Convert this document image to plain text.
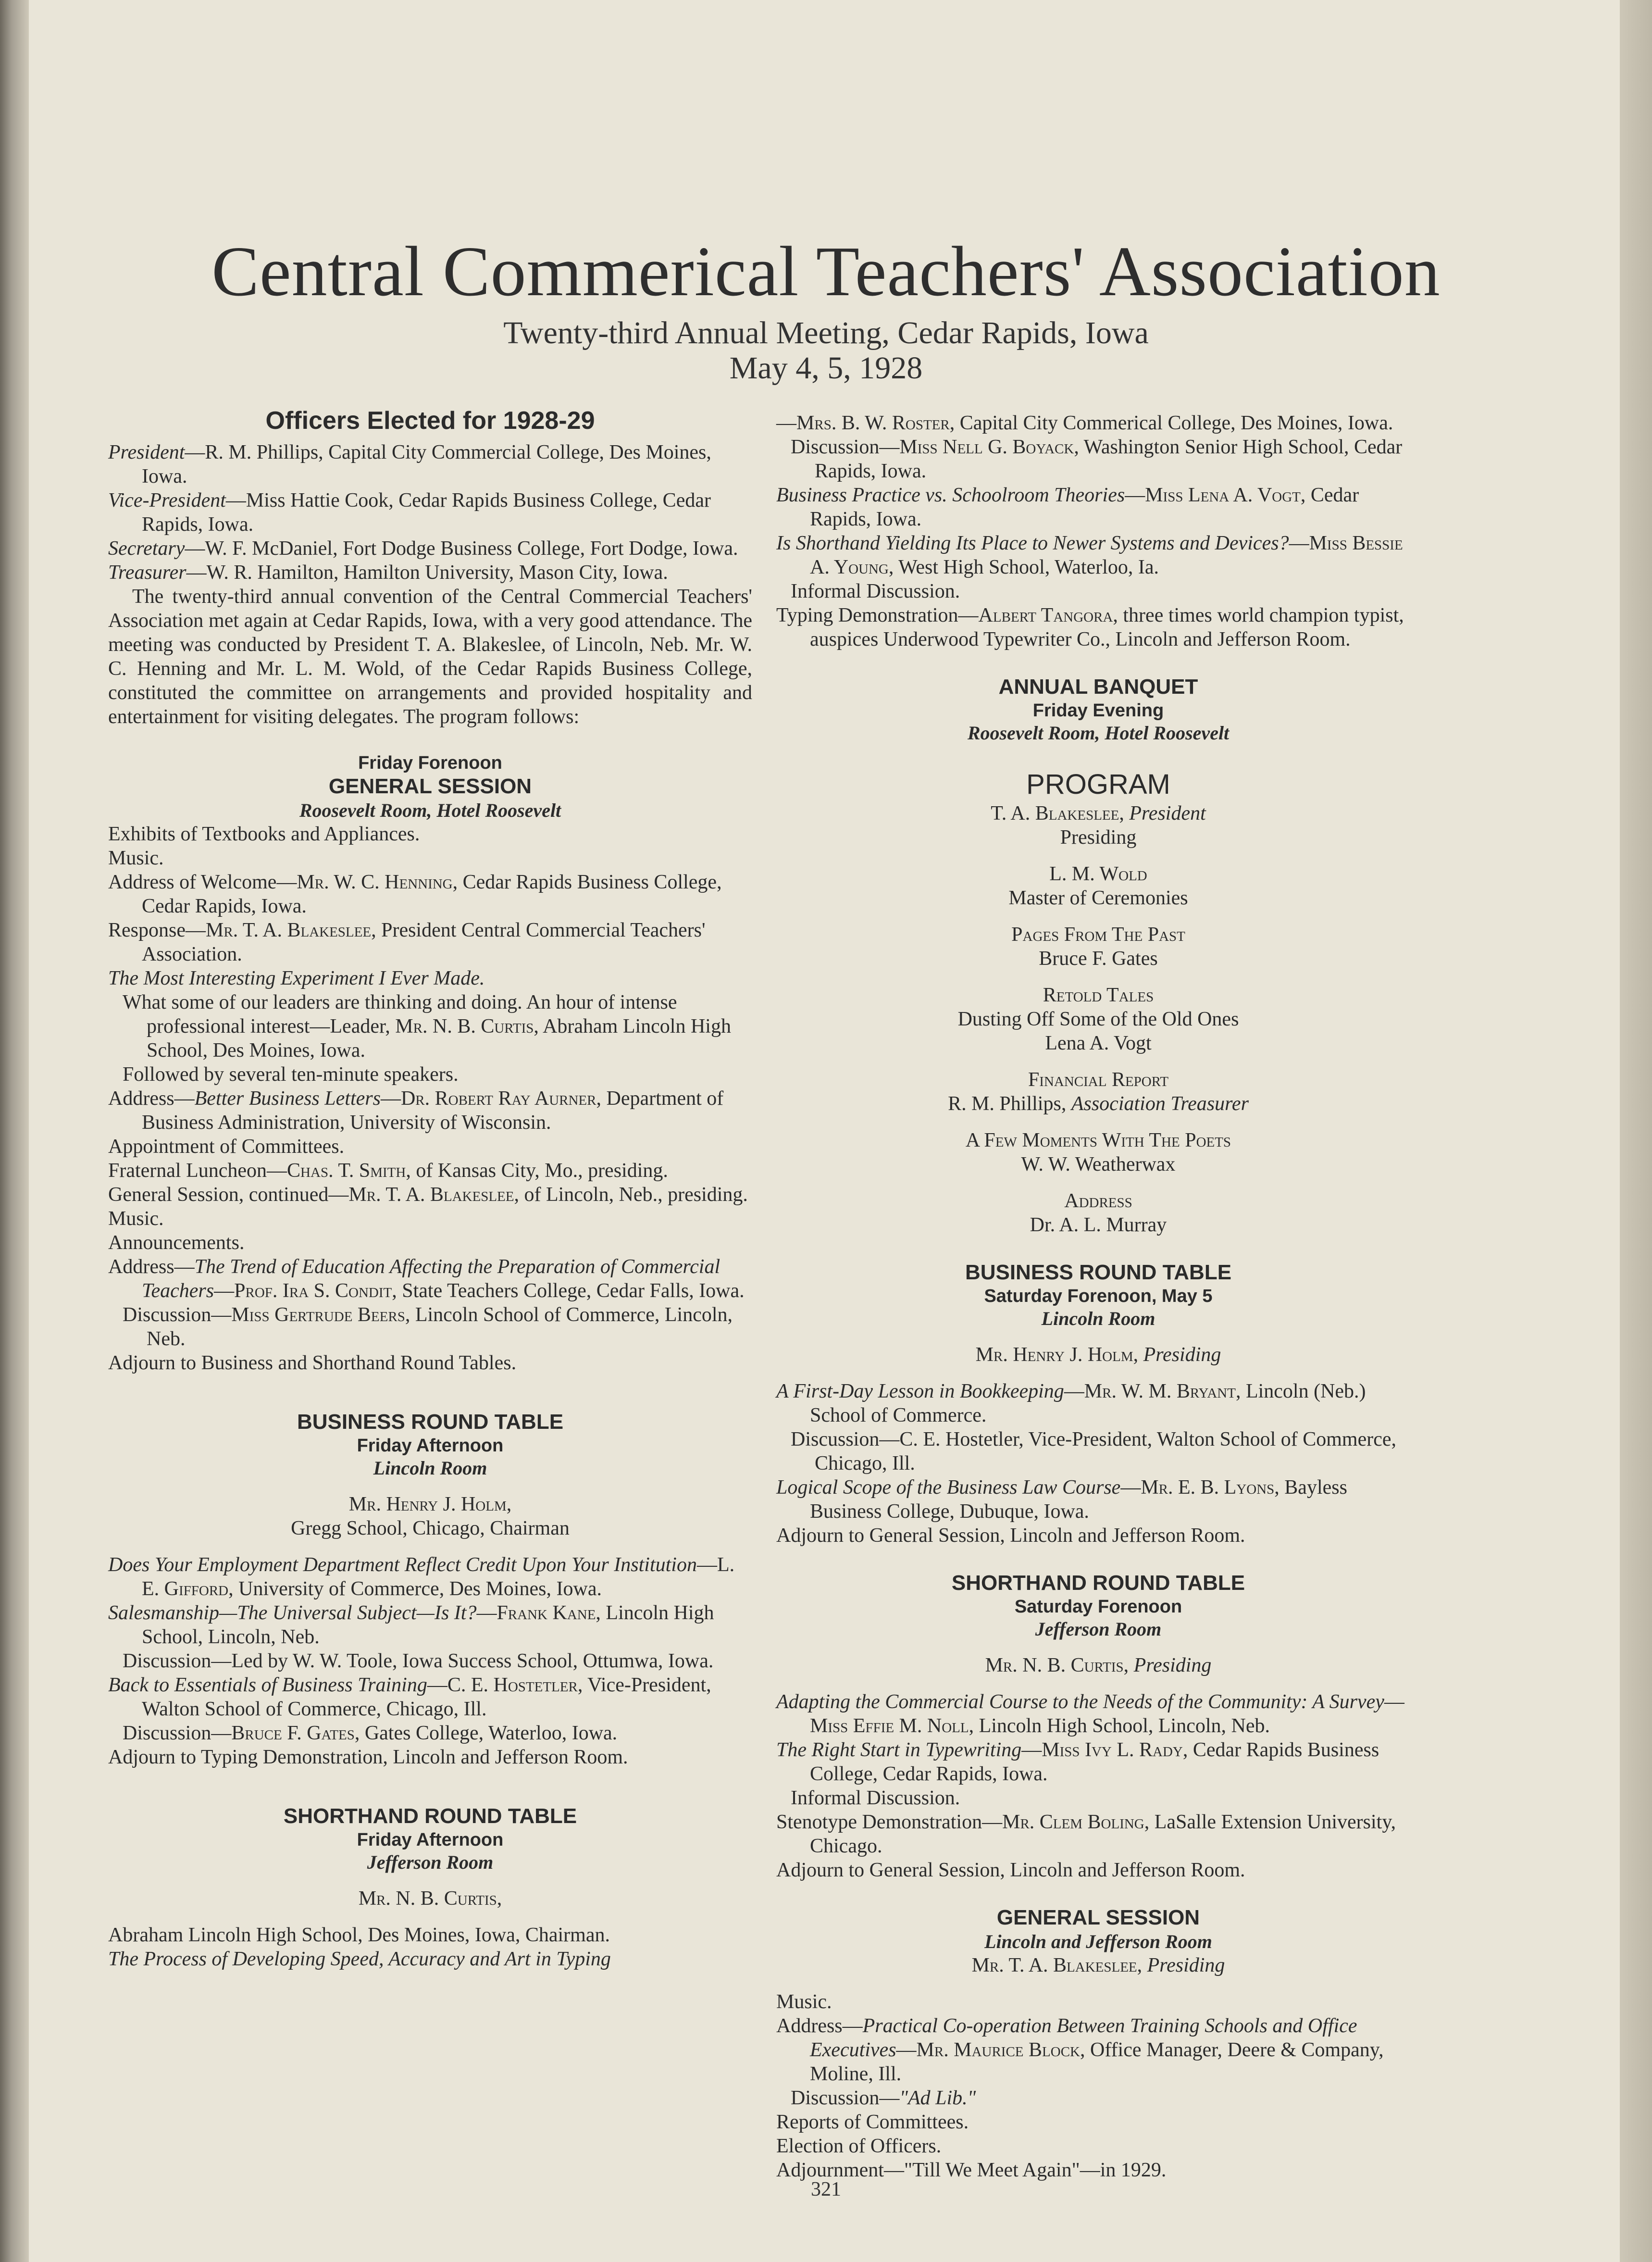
Central Commerical Teachers' Association
Twenty-third Annual Meeting, Cedar Rapids, Iowa
May 4, 5, 1928

Officers Elected for 1928-29

President—R. M. Phillips, Capital City Commercial College, Des Moines, Iowa.

Vice-President—Miss Hattie Cook, Cedar Rapids Business College, Cedar Rapids, Iowa.

Secretary—W. F. McDaniel, Fort Dodge Business College, Fort Dodge, Iowa.

Treasurer—W. R. Hamilton, Hamilton University, Mason City, Iowa.

The twenty-third annual convention of the Central Commercial Teachers' Association met again at Cedar Rapids, Iowa, with a very good attendance. The meeting was conducted by President T. A. Blakeslee, of Lincoln, Neb. Mr. W. C. Henning and Mr. L. M. Wold, of the Cedar Rapids Business College, constituted the committee on arrangements and provided hospitality and entertainment for visiting delegates. The program follows:

Friday Forenoon

GENERAL SESSION

Roosevelt Room, Hotel Roosevelt

Exhibits of Textbooks and Appliances.

Music.

Address of Welcome—Mr. W. C. Henning, Cedar Rapids Business College, Cedar Rapids, Iowa.

Response—Mr. T. A. Blakeslee, President Central Commercial Teachers' Association.

The Most Interesting Experiment I Ever Made.

What some of our leaders are thinking and doing. An hour of intense professional interest—Leader, Mr. N. B. Curtis, Abraham Lincoln High School, Des Moines, Iowa.

Followed by several ten-minute speakers.

Address—Better Business Letters—Dr. Robert Ray Aurner, Department of Business Administration, University of Wisconsin.

Appointment of Committees.

Fraternal Luncheon—Chas. T. Smith, of Kansas City, Mo., presiding.

General Session, continued—Mr. T. A. Blakeslee, of Lincoln, Neb., presiding.

Music.

Announcements.

Address—The Trend of Education Affecting the Preparation of Commercial Teachers—Prof. Ira S. Condit, State Teachers College, Cedar Falls, Iowa.

Discussion—Miss Gertrude Beers, Lincoln School of Commerce, Lincoln, Neb.

Adjourn to Business and Shorthand Round Tables.

BUSINESS ROUND TABLE

Friday Afternoon

Lincoln Room

Mr. Henry J. Holm,

Gregg School, Chicago, Chairman

Does Your Employment Department Reflect Credit Upon Your Institution—L. E. Gifford, University of Commerce, Des Moines, Iowa.

Salesmanship—The Universal Subject—Is It?—Frank Kane, Lincoln High School, Lincoln, Neb.

Discussion—Led by W. W. Toole, Iowa Success School, Ottumwa, Iowa.

Back to Essentials of Business Training—C. E. Hostetler, Vice-President, Walton School of Commerce, Chicago, Ill.

Discussion—Bruce F. Gates, Gates College, Waterloo, Iowa.

Adjourn to Typing Demonstration, Lincoln and Jefferson Room.

SHORTHAND ROUND TABLE

Friday Afternoon

Jefferson Room

Mr. N. B. Curtis,

Abraham Lincoln High School, Des Moines, Iowa, Chairman.

The Process of Developing Speed, Accuracy and Art in Typing

—Mrs. B. W. Roster, Capital City Commerical College, Des Moines, Iowa.

Discussion—Miss Nell G. Boyack, Washington Senior High School, Cedar Rapids, Iowa.

Business Practice vs. Schoolroom Theories—Miss Lena A. Vogt, Cedar Rapids, Iowa.

Is Shorthand Yielding Its Place to Newer Systems and Devices?—Miss Bessie A. Young, West High School, Waterloo, Ia.

Informal Discussion.

Typing Demonstration—Albert Tangora, three times world champion typist, auspices Underwood Typewriter Co., Lincoln and Jefferson Room.

ANNUAL BANQUET

Friday Evening

Roosevelt Room, Hotel Roosevelt

PROGRAM

T. A. Blakeslee, President

Presiding

L. M. Wold

Master of Ceremonies

Pages From The Past

Bruce F. Gates

Retold Tales

Dusting Off Some of the Old Ones

Lena A. Vogt

Financial Report

R. M. Phillips, Association Treasurer

A Few Moments With The Poets

W. W. Weatherwax

Address

Dr. A. L. Murray

BUSINESS ROUND TABLE

Saturday Forenoon, May 5

Lincoln Room

Mr. Henry J. Holm, Presiding

A First-Day Lesson in Bookkeeping—Mr. W. M. Bryant, Lincoln (Neb.) School of Commerce.

Discussion—C. E. Hostetler, Vice-President, Walton School of Commerce, Chicago, Ill.

Logical Scope of the Business Law Course—Mr. E. B. Lyons, Bayless Business College, Dubuque, Iowa.

Adjourn to General Session, Lincoln and Jefferson Room.

SHORTHAND ROUND TABLE

Saturday Forenoon

Jefferson Room

Mr. N. B. Curtis, Presiding

Adapting the Commercial Course to the Needs of the Community: A Survey—Miss Effie M. Noll, Lincoln High School, Lincoln, Neb.

The Right Start in Typewriting—Miss Ivy L. Rady, Cedar Rapids Business College, Cedar Rapids, Iowa.

Informal Discussion.

Stenotype Demonstration—Mr. Clem Boling, LaSalle Extension University, Chicago.

Adjourn to General Session, Lincoln and Jefferson Room.

GENERAL SESSION

Lincoln and Jefferson Room

Mr. T. A. Blakeslee, Presiding

Music.

Address—Practical Co-operation Between Training Schools and Office Executives—Mr. Maurice Block, Office Manager, Deere & Company, Moline, Ill.

Discussion—"Ad Lib."

Reports of Committees.

Election of Officers.

Adjournment—"Till We Meet Again"—in 1929.

321
